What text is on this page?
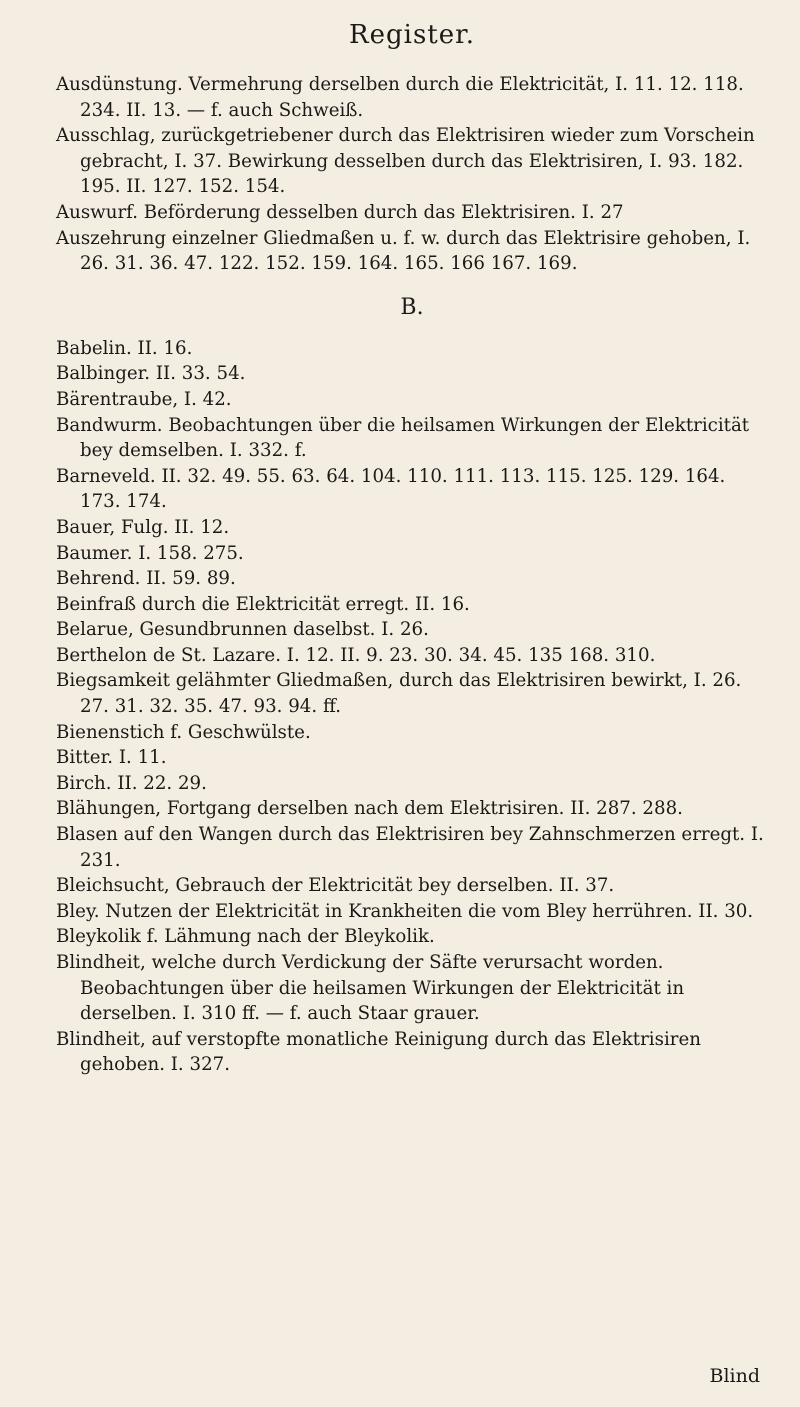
Register.

Ausdünstung. Vermehrung derselben durch die Elektricität, I. 11. 12. 118. 234. II. 13. — f. auch Schweiß.

Ausschlag, zurückgetriebener durch das Elektrisiren wieder zum Vorschein gebracht, I. 37. Bewirkung desselben durch das Elektrisiren, I. 93. 182. 195. II. 127. 152. 154.

Auswurf. Beförderung desselben durch das Elektrisiren. I. 27

Auszehrung einzelner Gliedmaßen u. f. w. durch das Elektrisire gehoben, I. 26. 31. 36. 47. 122. 152. 159. 164. 165. 166 167. 169.

B.

Babelin. II. 16.

Balbinger. II. 33. 54.

Bärentraube, I. 42.

Bandwurm. Beobachtungen über die heilsamen Wirkungen der Elektricität bey demselben. I. 332. f.

Barneveld. II. 32. 49. 55. 63. 64. 104. 110. 111. 113. 115. 125. 129. 164. 173. 174.

Bauer, Fulg. II. 12.

Baumer. I. 158. 275.

Behrend. II. 59. 89.

Beinfraß durch die Elektricität erregt. II. 16.

Belarue, Gesundbrunnen daselbst. I. 26.

Berthelon de St. Lazare. I. 12. II. 9. 23. 30. 34. 45. 135 168. 310.

Biegsamkeit gelähmter Gliedmaßen, durch das Elektrisiren bewirkt, I. 26. 27. 31. 32. 35. 47. 93. 94. ff.

Bienenstich f. Geschwülste.

Bitter. I. 11.

Birch. II. 22. 29.

Blähungen, Fortgang derselben nach dem Elektrisiren. II. 287. 288.

Blasen auf den Wangen durch das Elektrisiren bey Zahnschmerzen erregt. I. 231.

Bleichsucht, Gebrauch der Elektricität bey derselben. II. 37.

Bley. Nutzen der Elektricität in Krankheiten die vom Bley herrühren. II. 30.

Bleykolik f. Lähmung nach der Bleykolik.

Blindheit, welche durch Verdickung der Säfte verursacht worden. Beobachtungen über die heilsamen Wirkungen der Elektricität in derselben. I. 310 ff. — f. auch Staar grauer.

Blindheit, auf verstopfte monatliche Reinigung durch das Elektrisiren gehoben. I. 327.

Blind
